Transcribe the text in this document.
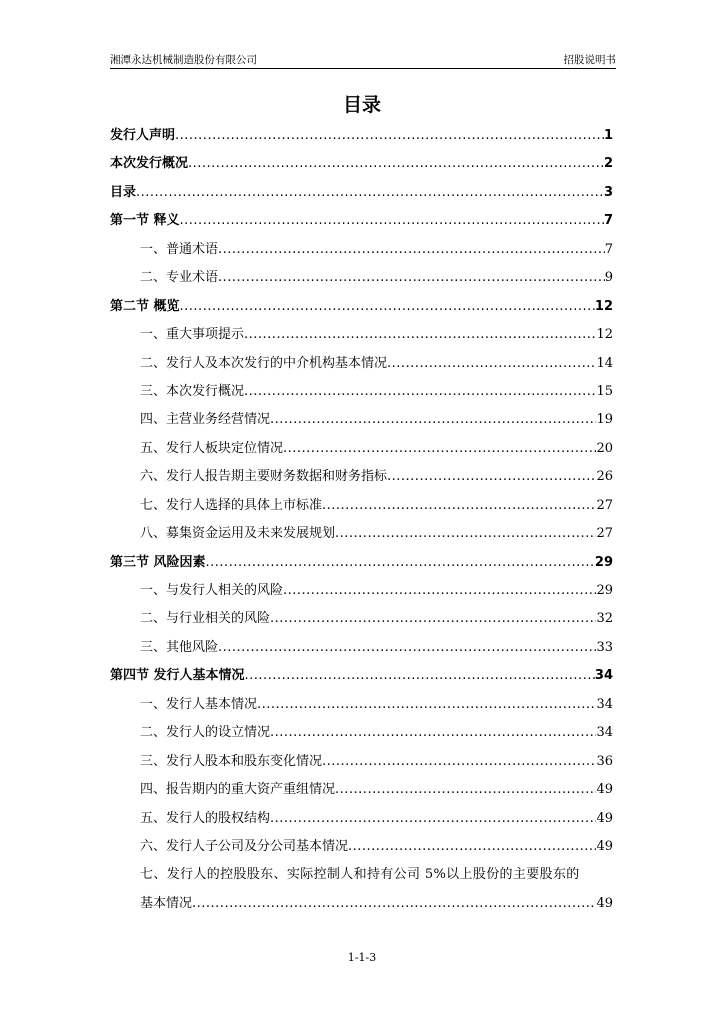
湘潭永达机械制造股份有限公司	招股说明书
目录
发行人声明 .....	1
本次发行概况 .....	2
目录 .....	3
第一节 释义 .....	7
一、普通术语 .....	7
二、专业术语 .....	9
第二节 概览 .....	12
一、重大事项提示 .....	12
二、发行人及本次发行的中介机构基本情况 .....	14
三、本次发行概况 .....	15
四、主营业务经营情况 .....	19
五、发行人板块定位情况 .....	20
六、发行人报告期主要财务数据和财务指标 .....	26
七、发行人选择的具体上市标准 .....	27
八、募集资金运用及未来发展规划 .....	27
第三节 风险因素 .....	29
一、与发行人相关的风险 .....	29
二、与行业相关的风险 .....	32
三、其他风险 .....	33
第四节 发行人基本情况 .....	34
一、发行人基本情况 .....	34
二、发行人的设立情况 .....	34
三、发行人股本和股东变化情况 .....	36
四、报告期内的重大资产重组情况 .....	49
五、发行人的股权结构 .....	49
六、发行人子公司及分公司基本情况 .....	49
七、发行人的控股股东、实际控制人和持有公司 5%以上股份的主要股东的
基本情况 .....	49
1-1-3
